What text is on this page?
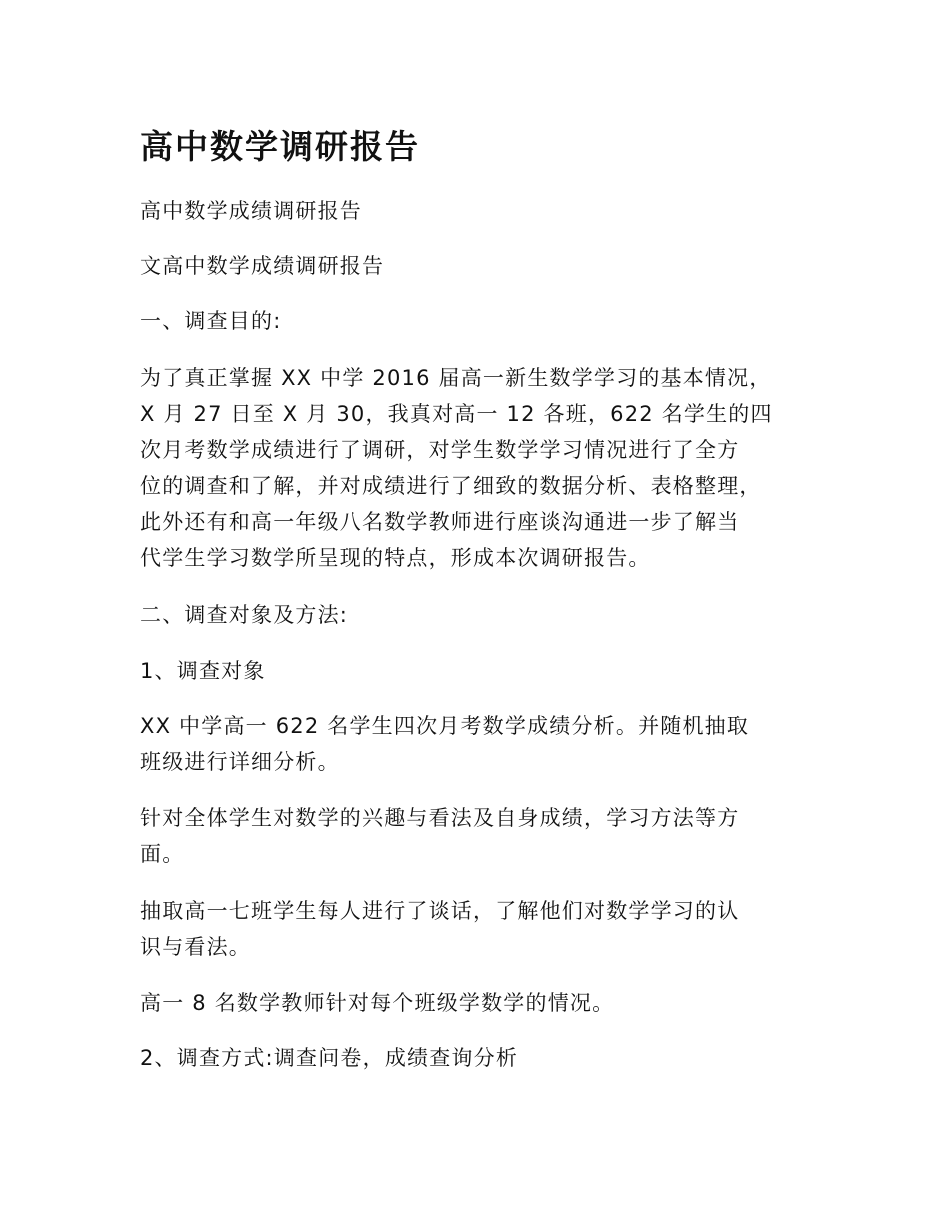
高中数学调研报告

高中数学成绩调研报告

文高中数学成绩调研报告

一、调查目的:

为了真正掌握 XX 中学 2016 届高一新生数学学习的基本情况，
X 月 27 日至 X 月 30，我真对高一 12 各班，622 名学生的四
次月考数学成绩进行了调研，对学生数学学习情况进行了全方
位的调查和了解，并对成绩进行了细致的数据分析、表格整理，
此外还有和高一年级八名数学教师进行座谈沟通进一步了解当
代学生学习数学所呈现的特点，形成本次调研报告。

二、调查对象及方法:

1、调查对象

XX 中学高一 622 名学生四次月考数学成绩分析。并随机抽取
班级进行详细分析。
针对全体学生对数学的兴趣与看法及自身成绩，学习方法等方
面。
抽取高一七班学生每人进行了谈话，了解他们对数学学习的认
识与看法。

高一 8 名数学教师针对每个班级学数学的情况。

2、调查方式:调查问卷，成绩查询分析
